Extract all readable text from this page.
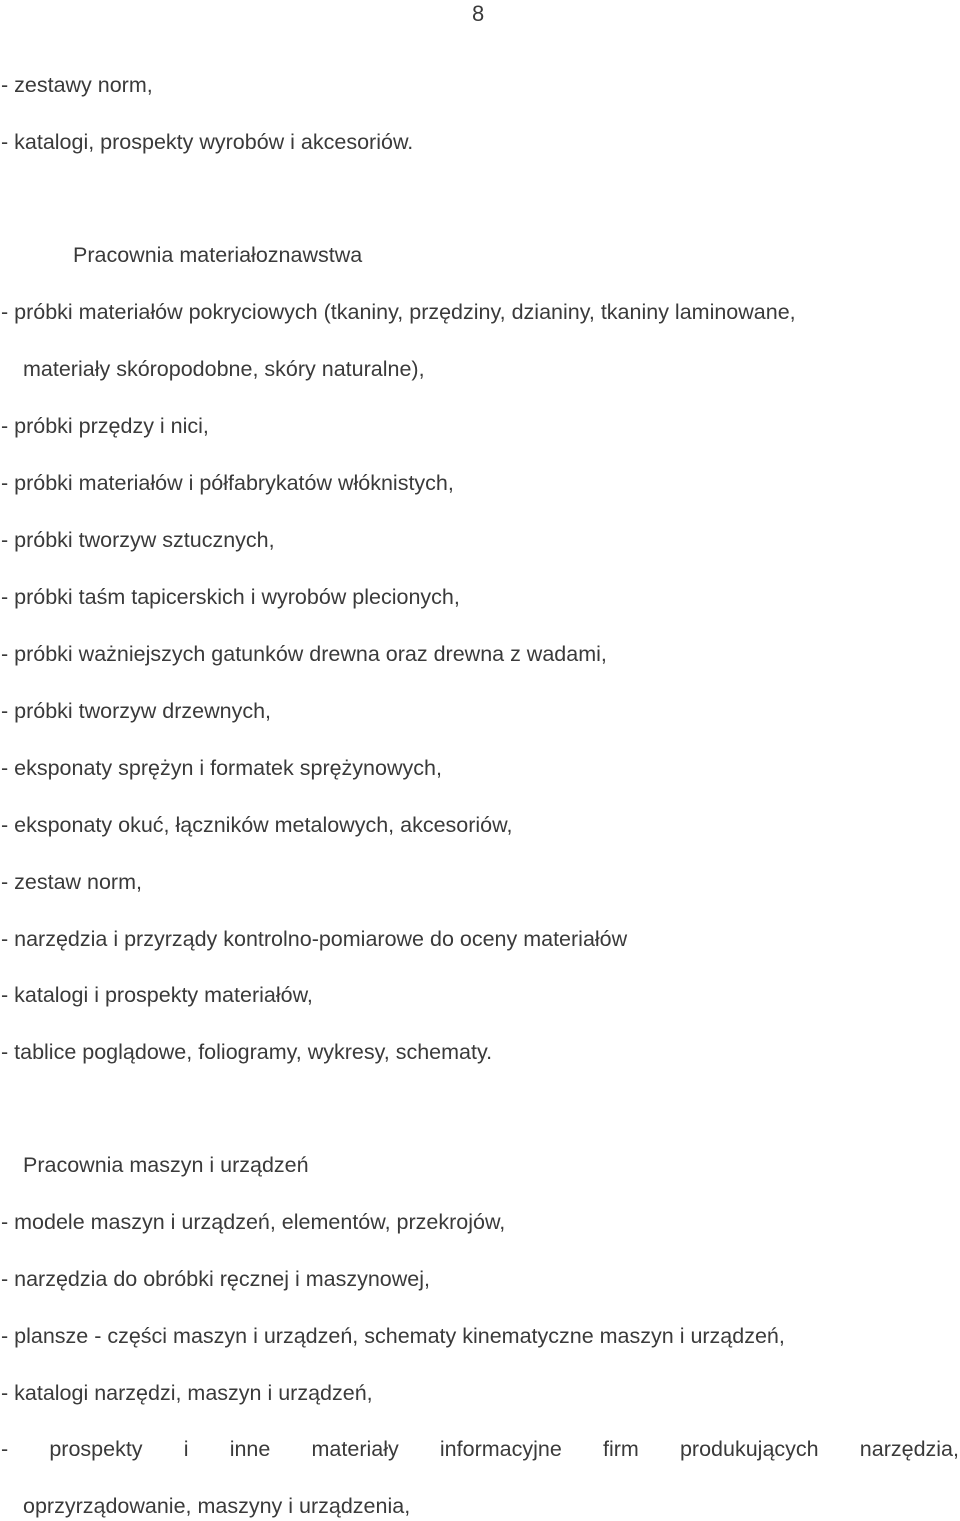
8
- zestawy norm,
- katalogi, prospekty wyrobów i akcesoriów.
Pracownia materiałoznawstwa
- próbki materiałów pokryciowych (tkaniny, przędziny, dzianiny, tkaniny laminowane,
materiały skóropodobne, skóry naturalne),
- próbki przędzy i nici,
- próbki materiałów i półfabrykatów włóknistych,
- próbki tworzyw sztucznych,
- próbki taśm tapicerskich i wyrobów plecionych,
- próbki ważniejszych gatunków drewna oraz drewna z wadami,
- próbki tworzyw drzewnych,
- eksponaty sprężyn i formatek sprężynowych,
- eksponaty okuć, łączników metalowych, akcesoriów,
- zestaw norm,
- narzędzia i przyrządy kontrolno-pomiarowe do oceny materiałów
- katalogi i prospekty materiałów,
- tablice poglądowe, foliogramy, wykresy, schematy.
Pracownia maszyn i urządzeń
- modele maszyn i urządzeń, elementów, przekrojów,
- narzędzia do obróbki ręcznej i maszynowej,
- plansze - części maszyn i urządzeń, schematy kinematyczne maszyn i urządzeń,
- katalogi narzędzi, maszyn i urządzeń,
- prospekty i inne materiały informacyjne firm produkujących narzędzia,
oprzyrządowanie, maszyny i urządzenia,
